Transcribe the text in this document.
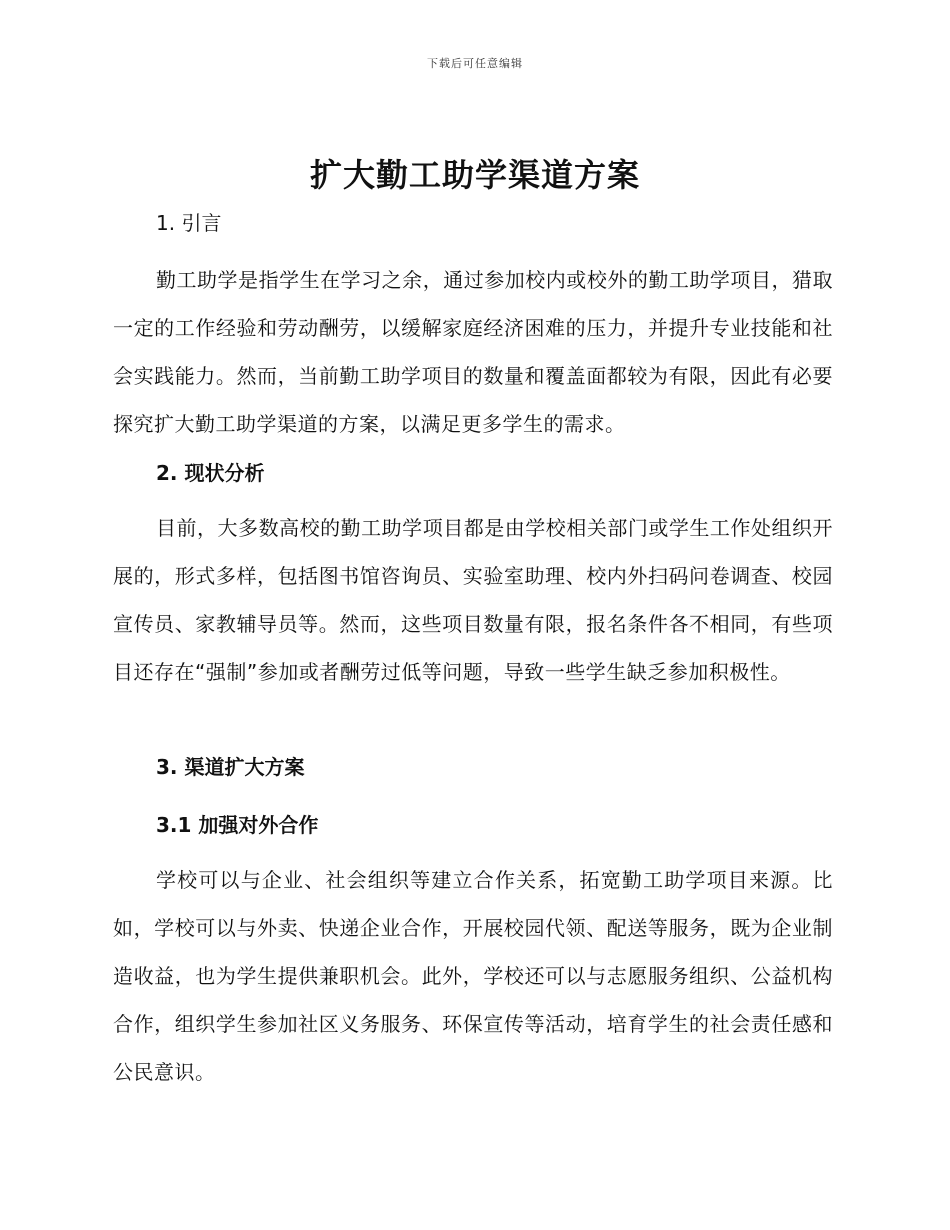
下载后可任意编辑
扩大勤工助学渠道方案
1. 引言

勤工助学是指学生在学习之余，通过参加校内或校外的勤工助学项目，猎取一定的工作经验和劳动酬劳，以缓解家庭经济困难的压力，并提升专业技能和社会实践能力。然而，当前勤工助学项目的数量和覆盖面都较为有限，因此有必要探究扩大勤工助学渠道的方案，以满足更多学生的需求。

2. 现状分析

目前，大多数高校的勤工助学项目都是由学校相关部门或学生工作处组织开展的，形式多样，包括图书馆咨询员、实验室助理、校内外扫码问卷调查、校园宣传员、家教辅导员等。然而，这些项目数量有限，报名条件各不相同，有些项目还存在“强制”参加或者酬劳过低等问题，导致一些学生缺乏参加积极性。

3. 渠道扩大方案
3.1 加强对外合作

学校可以与企业、社会组织等建立合作关系，拓宽勤工助学项目来源。比如，学校可以与外卖、快递企业合作，开展校园代领、配送等服务，既为企业制造收益，也为学生提供兼职机会。此外，学校还可以与志愿服务组织、公益机构合作，组织学生参加社区义务服务、环保宣传等活动，培育学生的社会责任感和公民意识。
